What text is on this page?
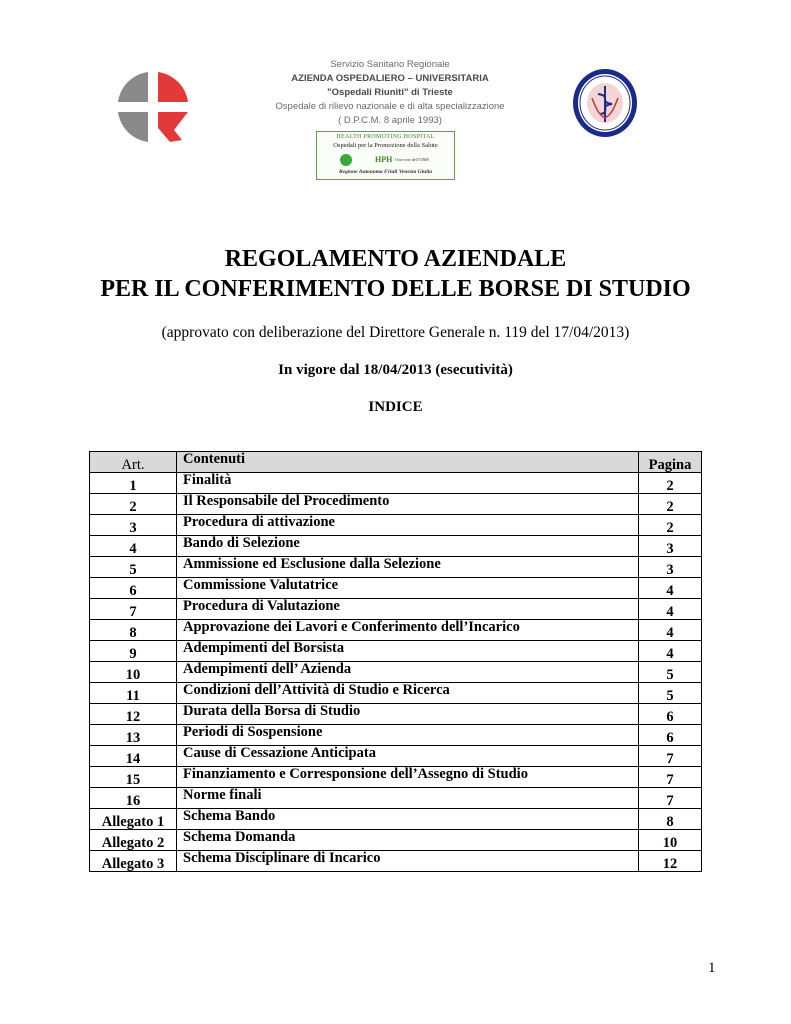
Servizio Sanitario Regionale
AZIENDA OSPEDALIERO – UNIVERSITARIA
"Ospedali Riuniti" di Trieste
Ospedale di rilievo nazionale e di alta specializzazione
( D.P.C.M. 8 aprile 1993)
HEALTH PROMOTING HOSPITAL
Ospedali per la Promozione della Salute
HPH Una rete dell'OMS
Regione Autonoma Friuli Venezia Giulia
REGOLAMENTO AZIENDALE
PER IL CONFERIMENTO DELLE BORSE DI STUDIO
(approvato con deliberazione del Direttore Generale n. 119 del 17/04/2013)
In vigore dal 18/04/2013 (esecutività)
INDICE
Art.	Contenuti	Pagina
1	Finalità	2
2	Il Responsabile del Procedimento	2
3	Procedura di attivazione	2
4	Bando di Selezione	3
5	Ammissione ed Esclusione dalla Selezione	3
6	Commissione Valutatrice	4
7	Procedura di Valutazione	4
8	Approvazione dei Lavori e Conferimento dell’Incarico	4
9	Adempimenti del Borsista	4
10	Adempimenti dell’ Azienda	5
11	Condizioni dell’Attività di Studio e Ricerca	5
12	Durata della Borsa di Studio	6
13	Periodi di Sospensione	6
14	Cause di Cessazione Anticipata	7
15	Finanziamento e Corresponsione dell’Assegno di Studio	7
16	Norme finali	7
Allegato 1	Schema Bando	8
Allegato 2	Schema Domanda	10
Allegato 3	Schema Disciplinare di Incarico	12
1
